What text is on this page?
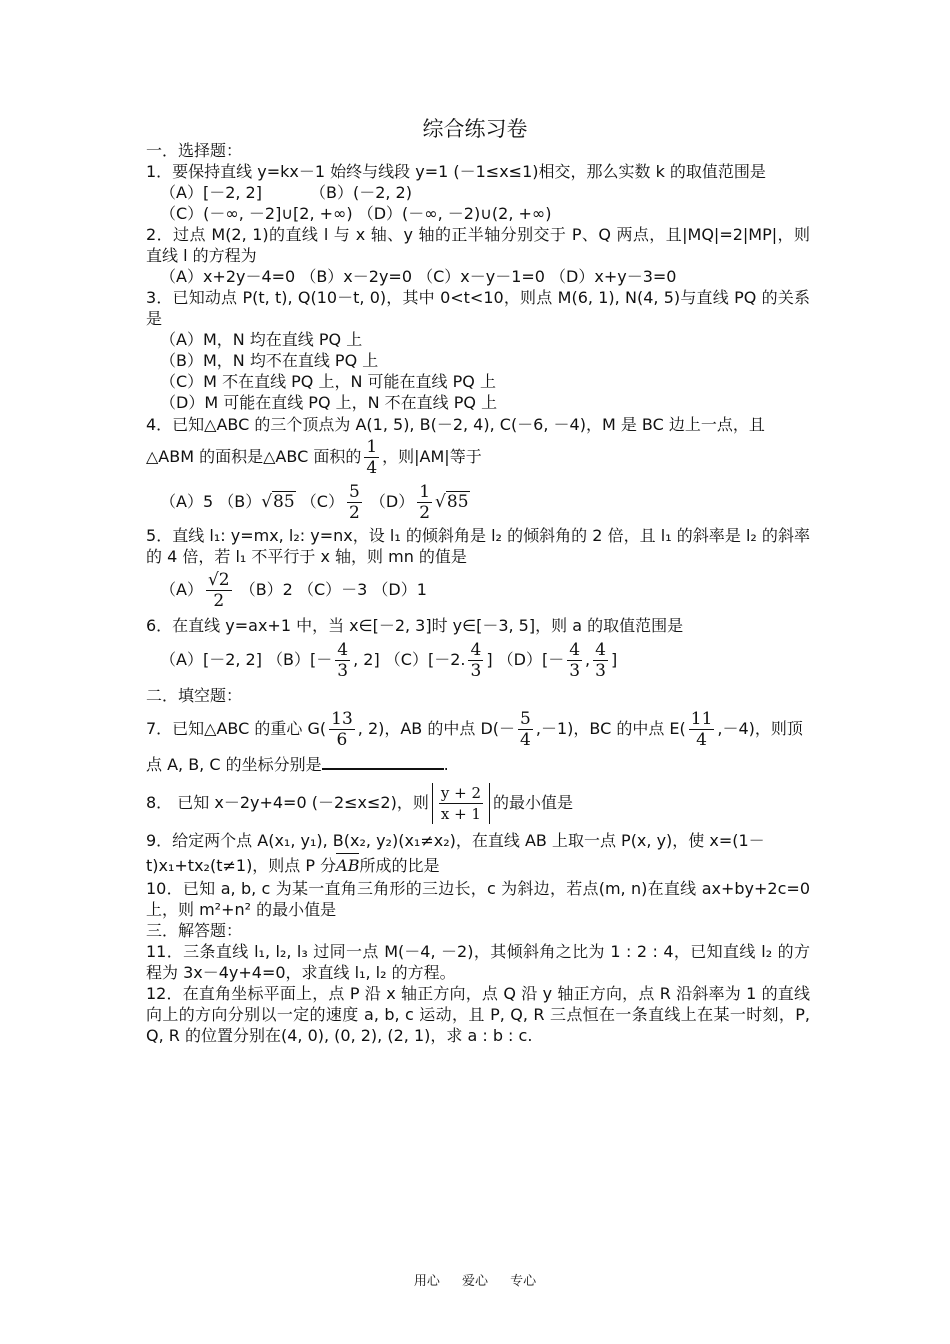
综合练习卷
一．选择题：
1．要保持直线 y=kx－1 始终与线段 y=1 (－1≤x≤1)相交，那么实数 k 的取值范围是
（A）[－2, 2]	（B）(－2, 2)
（C）(－∞, －2]∪[2, +∞) （D）(－∞, －2)∪(2, +∞)
2．过点 M(2, 1)的直线 l 与 x 轴、y 轴的正半轴分别交于 P、Q 两点，且|MQ|=2|MP|，则直线 l 的方程为
（A）x+2y－4=0 （B）x－2y=0 （C）x－y－1=0 （D）x+y－3=0
3．已知动点 P(t, t), Q(10－t, 0)，其中 0<t<10，则点 M(6, 1), N(4, 5)与直线 PQ 的关系是
（A）M，N 均在直线 PQ 上
（B）M，N 均不在直线 PQ 上
（C）M 不在直线 PQ 上，N 可能在直线 PQ 上
（D）M 可能在直线 PQ 上，N 不在直线 PQ 上
4．已知△ABC 的三个顶点为 A(1, 5), B(－2, 4), C(－6, －4)，M 是 BC 边上一点，且
△ABM 的面积是△ABC 面积的 $\frac{1}{4}$ ，则|AM|等于
（A）5 （B）√85 $(C) \frac{5}{2} (D) \frac{1}{2} √85$
5．直线 l₁: y=mx, l₂: y=nx，设 l₁ 的倾斜角是 l₂ 的倾斜角的 2 倍，且 l₁ 的斜率是 l₂ 的斜率的 4 倍，若 l₁ 不平行于 x 轴，则 mn 的值是
$(A) \frac{√2}{2} (B)2$ （C）－3 （D）1
6．在直线 y=ax+1 中，当 x∈[－2, 3]时 y∈[－3, 5]，则 a 的取值范围是
（A）[－2, 2] $(B)[- \frac{4}{3}$ , 2] （C）[－2. $\frac{4}{3}$ ] $(D)[- \frac{4}{3}$ , $\frac{4}{3}$ ]
二．填空题：
7．已知△ABC 的重心 $G( \frac{13}{6}$ , 2)，AB 的中点 $D(- \frac{5}{4} ,-1)$，BC 的中点 $E( \frac{11}{4} ,-4)$，则顶
点 A, B, C 的坐标分别是	.
8． 已知 x－2y+4=0 (－2≤x≤2)，则 $\frac{y + 2}{x + 1}$ 的最小值是
9．给定两个点 A(x₁, y₁), B(x₂, y₂)(x₁≠x₂)，在直线 AB 上取一点 P(x, y)，使 x=(1－
t)x₁+tx₂(t≠1)，则点 P 分AB所成的比是
10．已知 a, b, c 为某一直角三角形的三边长，c 为斜边，若点(m, n)在直线 ax+by+2c=0 上，则 m²+n² 的最小值是
三．解答题：
11．三条直线 l₁, l₂, l₃ 过同一点 M(－4, －2)，其倾斜角之比为 1 : 2 : 4，已知直线 l₂ 的方程为 3x－4y+4=0，求直线 l₁, l₂ 的方程。
12．在直角坐标平面上，点 P 沿 x 轴正方向，点 Q 沿 y 轴正方向，点 R 沿斜率为 1 的直线向上的方向分别以一定的速度 a, b, c 运动，且 P, Q, R 三点恒在一条直线上在某一时刻，P, Q, R 的位置分别在(4, 0), (0, 2), (2, 1)，求 a : b : c.
用心 爱心 专心
